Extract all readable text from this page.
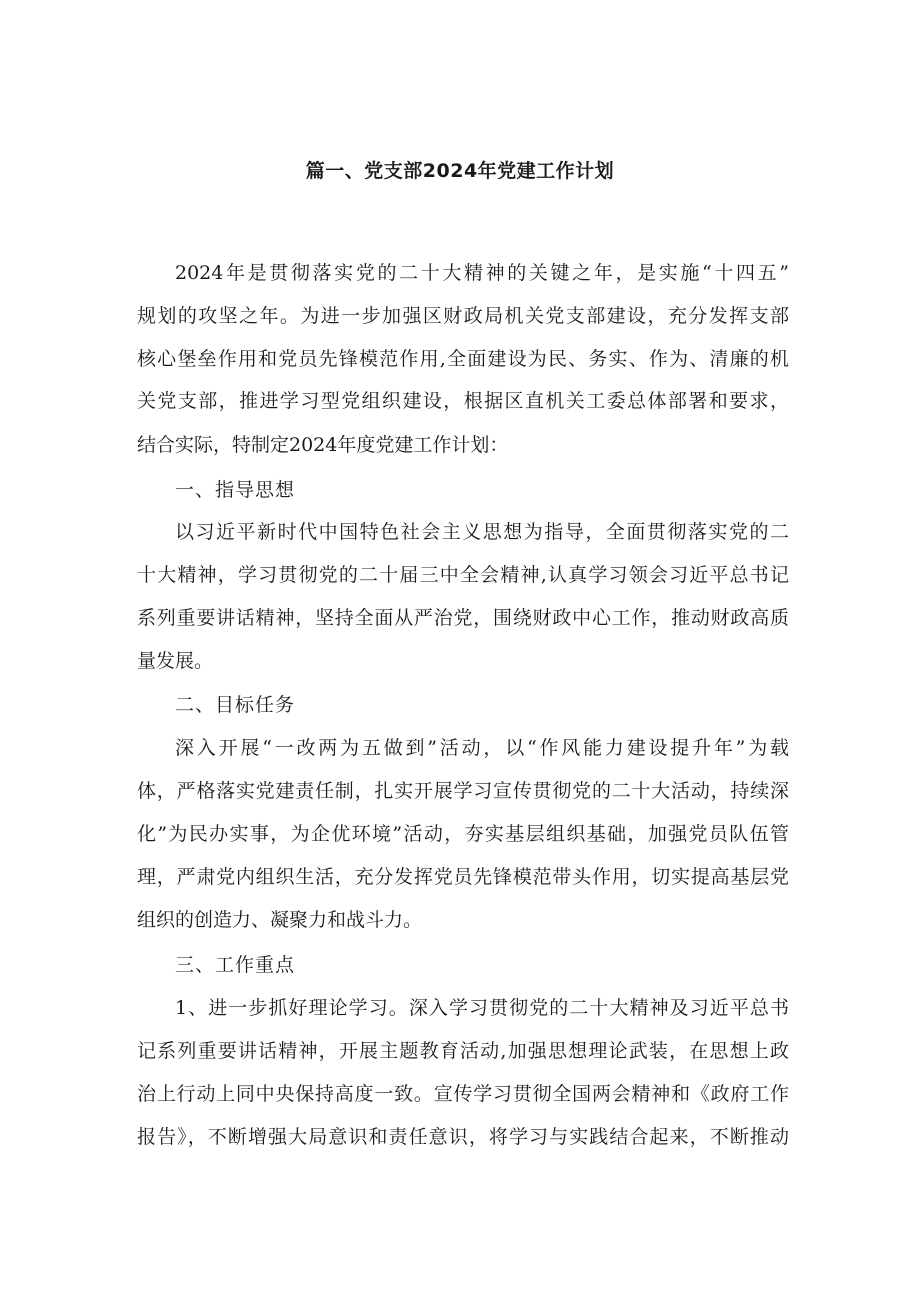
篇一、党支部2024年党建工作计划
2024年是贯彻落实党的二十大精神的关键之年，是实施“十四五”
规划的攻坚之年。为进一步加强区财政局机关党支部建设，充分发挥支部
核心堡垒作用和党员先锋模范作用,全面建设为民、务实、作为、清廉的机
关党支部，推进学习型党组织建设，根据区直机关工委总体部署和要求，
结合实际，特制定2024年度党建工作计划：
一、指导思想
以习近平新时代中国特色社会主义思想为指导，全面贯彻落实党的二
十大精神，学习贯彻党的二十届三中全会精神,认真学习领会习近平总书记
系列重要讲话精神，坚持全面从严治党，围绕财政中心工作，推动财政高质
量发展。
二、目标任务
深入开展“一改两为五做到”活动，以“作风能力建设提升年”为载
体，严格落实党建责任制，扎实开展学习宣传贯彻党的二十大活动，持续深
化”为民办实事，为企优环境”活动，夯实基层组织基础，加强党员队伍管
理，严肃党内组织生活，充分发挥党员先锋模范带头作用，切实提高基层党
组织的创造力、凝聚力和战斗力。
三、工作重点
1、进一步抓好理论学习。深入学习贯彻党的二十大精神及习近平总书
记系列重要讲话精神，开展主题教育活动,加强思想理论武装，在思想上政
治上行动上同中央保持高度一致。宣传学习贯彻全国两会精神和《政府工作
报告》，不断增强大局意识和责任意识，将学习与实践结合起来，不断推动
